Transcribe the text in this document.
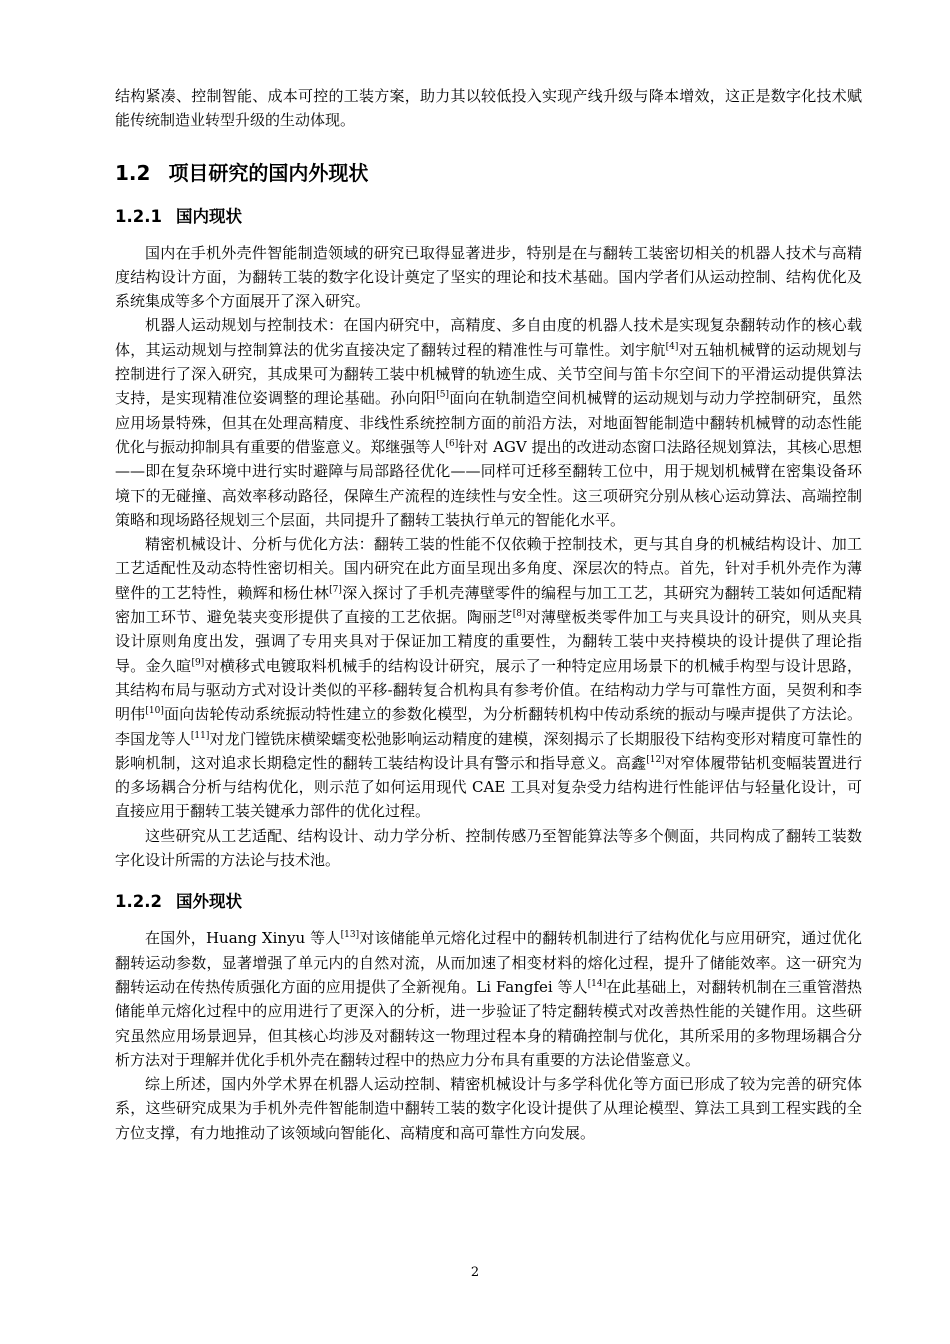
结构紧凑、控制智能、成本可控的工装方案，助力其以较低投入实现产线升级与降本增效，这正是数字化技术赋能传统制造业转型升级的生动体现。

1.2 项目研究的国内外现状
1.2.1 国内现状

国内在手机外壳件智能制造领域的研究已取得显著进步，特别是在与翻转工装密切相关的机器人技术与高精度结构设计方面，为翻转工装的数字化设计奠定了坚实的理论和技术基础。国内学者们从运动控制、结构优化及系统集成等多个方面展开了深入研究。

机器人运动规划与控制技术：在国内研究中，高精度、多自由度的机器人技术是实现复杂翻转动作的核心载体，其运动规划与控制算法的优劣直接决定了翻转过程的精准性与可靠性。刘宇航[4]对五轴机械臂的运动规划与控制进行了深入研究，其成果可为翻转工装中机械臂的轨迹生成、关节空间与笛卡尔空间下的平滑运动提供算法支持，是实现精准位姿调整的理论基础。孙向阳[5]面向在轨制造空间机械臂的运动规划与动力学控制研究，虽然应用场景特殊，但其在处理高精度、非线性系统控制方面的前沿方法，对地面智能制造中翻转机械臂的动态性能优化与振动抑制具有重要的借鉴意义。郑继强等人[6]针对 AGV 提出的改进动态窗口法路径规划算法，其核心思想——即在复杂环境中进行实时避障与局部路径优化——同样可迁移至翻转工位中，用于规划机械臂在密集设备环境下的无碰撞、高效率移动路径，保障生产流程的连续性与安全性。这三项研究分别从核心运动算法、高端控制策略和现场路径规划三个层面，共同提升了翻转工装执行单元的智能化水平。

精密机械设计、分析与优化方法：翻转工装的性能不仅依赖于控制技术，更与其自身的机械结构设计、加工工艺适配性及动态特性密切相关。国内研究在此方面呈现出多角度、深层次的特点。首先，针对手机外壳作为薄壁件的工艺特性，赖辉和杨仕林[7]深入探讨了手机壳薄壁零件的编程与加工工艺，其研究为翻转工装如何适配精密加工环节、避免装夹变形提供了直接的工艺依据。陶丽芝[8]对薄壁板类零件加工与夹具设计的研究，则从夹具设计原则角度出发，强调了专用夹具对于保证加工精度的重要性，为翻转工装中夹持模块的设计提供了理论指导。金久暄[9]对横移式电镀取料机械手的结构设计研究，展示了一种特定应用场景下的机械手构型与设计思路，其结构布局与驱动方式对设计类似的平移-翻转复合机构具有参考价值。在结构动力学与可靠性方面，吴贺利和李明伟[10]面向齿轮传动系统振动特性建立的参数化模型，为分析翻转机构中传动系统的振动与噪声提供了方法论。李国龙等人[11]对龙门镗铣床横梁蠕变松弛影响运动精度的建模，深刻揭示了长期服役下结构变形对精度可靠性的影响机制，这对追求长期稳定性的翻转工装结构设计具有警示和指导意义。高鑫[12]对窄体履带钻机变幅装置进行的多场耦合分析与结构优化，则示范了如何运用现代 CAE 工具对复杂受力结构进行性能评估与轻量化设计，可直接应用于翻转工装关键承力部件的优化过程。

这些研究从工艺适配、结构设计、动力学分析、控制传感乃至智能算法等多个侧面，共同构成了翻转工装数字化设计所需的方法论与技术池。

1.2.2 国外现状

在国外，Huang Xinyu 等人[13]对该储能单元熔化过程中的翻转机制进行了结构优化与应用研究，通过优化翻转运动参数，显著增强了单元内的自然对流，从而加速了相变材料的熔化过程，提升了储能效率。这一研究为翻转运动在传热传质强化方面的应用提供了全新视角。Li Fangfei 等人[14]在此基础上，对翻转机制在三重管潜热储能单元熔化过程中的应用进行了更深入的分析，进一步验证了特定翻转模式对改善热性能的关键作用。这些研究虽然应用场景迥异，但其核心均涉及对翻转这一物理过程本身的精确控制与优化，其所采用的多物理场耦合分析方法对于理解并优化手机外壳在翻转过程中的热应力分布具有重要的方法论借鉴意义。

综上所述，国内外学术界在机器人运动控制、精密机械设计与多学科优化等方面已形成了较为完善的研究体系，这些研究成果为手机外壳件智能制造中翻转工装的数字化设计提供了从理论模型、算法工具到工程实践的全方位支撑，有力地推动了该领域向智能化、高精度和高可靠性方向发展。

2
